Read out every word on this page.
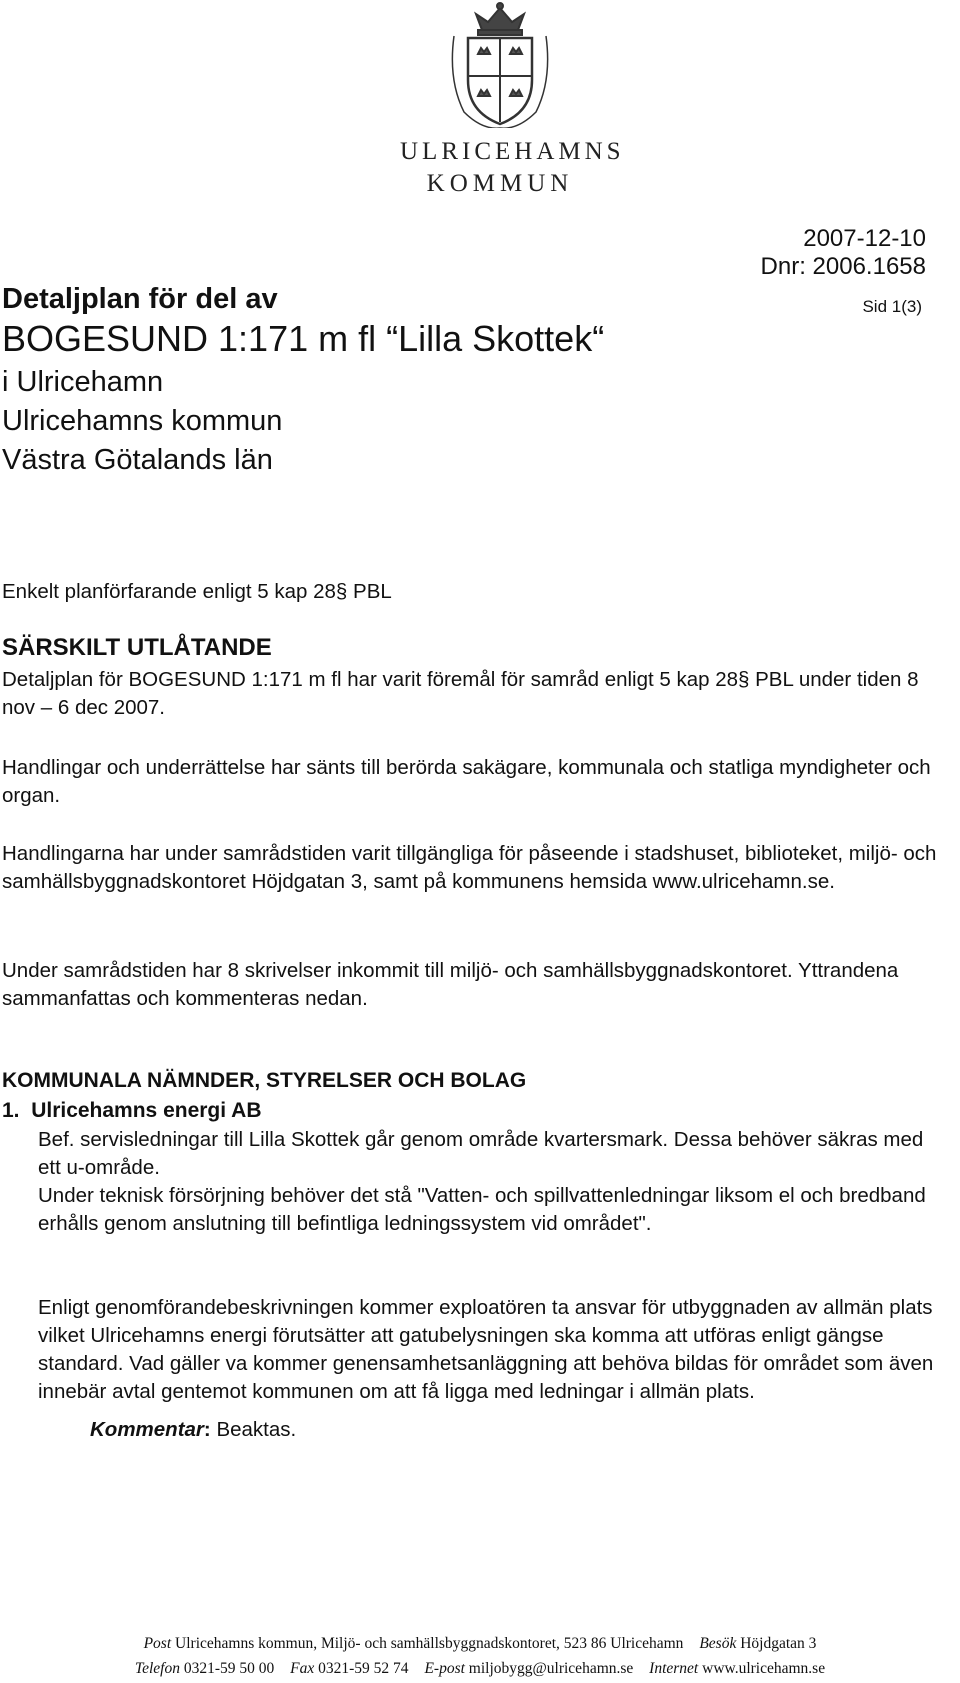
ULRICEHAMNS
KOMMUN
2007-12-10
Dnr: 2006.1658
Sid 1(3)
Detaljplan för del av
BOGESUND 1:171 m fl “Lilla Skottek“
i Ulricehamn
Ulricehamns kommun
Västra Götalands län
Enkelt planförfarande enligt 5 kap 28§ PBL
SÄRSKILT UTLÅTANDE
Detaljplan för BOGESUND 1:171 m fl har varit föremål för samråd enligt 5 kap 28§ PBL under tiden 8 nov – 6 dec 2007.
Handlingar och underrättelse har sänts till berörda sakägare, kommunala och statliga myndigheter och organ.
Handlingarna har under samrådstiden varit tillgängliga för påseende i stadshuset, biblioteket, miljö- och samhällsbyggnadskontoret Höjdgatan 3, samt på kommunens hemsida www.ulricehamn.se.
Under samrådstiden har 8 skrivelser inkommit till miljö- och samhällsbyggnadskontoret. Yttrandena sammanfattas och kommenteras nedan.
KOMMUNALA NÄMNDER, STYRELSER OCH BOLAG
1. Ulricehamns energi AB
Bef. servisledningar till Lilla Skottek går genom område kvartersmark. Dessa behöver säkras med ett u-område.
Under teknisk försörjning behöver det stå "Vatten- och spillvattenledningar liksom el och bredband erhålls genom anslutning till befintliga ledningssystem vid området".
Enligt genomförandebeskrivningen kommer exploatören ta ansvar för utbyggnaden av allmän plats vilket Ulricehamns energi förutsätter att gatubelysningen ska komma att utföras enligt gängse standard. Vad gäller va kommer genensamhetsanläggning att behöva bildas för området som även innebär avtal gentemot kommunen om att få ligga med ledningar i allmän plats.
Kommentar: Beaktas.
Post Ulricehamns kommun, Miljö- och samhällsbyggnadskontoret, 523 86 Ulricehamn Besök Höjdgatan 3
Telefon 0321-59 50 00 Fax 0321-59 52 74 E-post miljobygg@ulricehamn.se Internet www.ulricehamn.se
